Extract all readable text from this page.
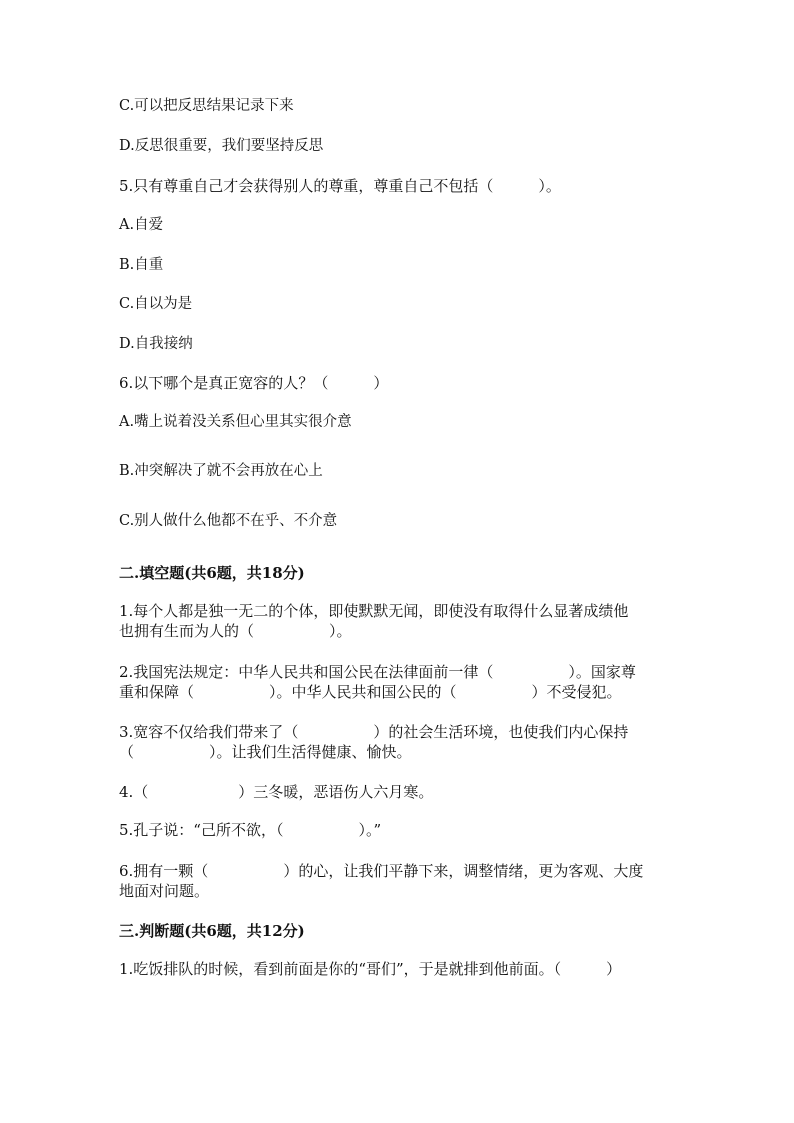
C.可以把反思结果记录下来
D.反思很重要，我们要坚持反思
5.只有尊重自己才会获得别人的尊重，尊重自己不包括（　　　）。
A.自爱
B.自重
C.自以为是
D.自我接纳
6.以下哪个是真正宽容的人？（　　　）
A.嘴上说着没关系但心里其实很介意
B.冲突解决了就不会再放在心上
C.别人做什么他都不在乎、不介意
二.填空题(共6题，共18分)
1.每个人都是独一无二的个体，即使默默无闻，即使没有取得什么显著成绩他
也拥有生而为人的（　　　　　）。
2.我国宪法规定：中华人民共和国公民在法律面前一律（　　　　　）。国家尊
重和保障（　　　　　）。中华人民共和国公民的（　　　　　）不受侵犯。
3.宽容不仅给我们带来了（　　　　　）的社会生活环境，也使我们内心保持
（　　　　　）。让我们生活得健康、愉快。
4.（　　　　　　）三冬暖，恶语伤人六月寒。
5.孔子说：“己所不欲，（　　　　　）。”
6.拥有一颗（　　　　　）的心，让我们平静下来，调整情绪，更为客观、大度
地面对问题。
三.判断题(共6题，共12分)
1.吃饭排队的时候，看到前面是你的“哥们”，于是就排到他前面。（　　　）
